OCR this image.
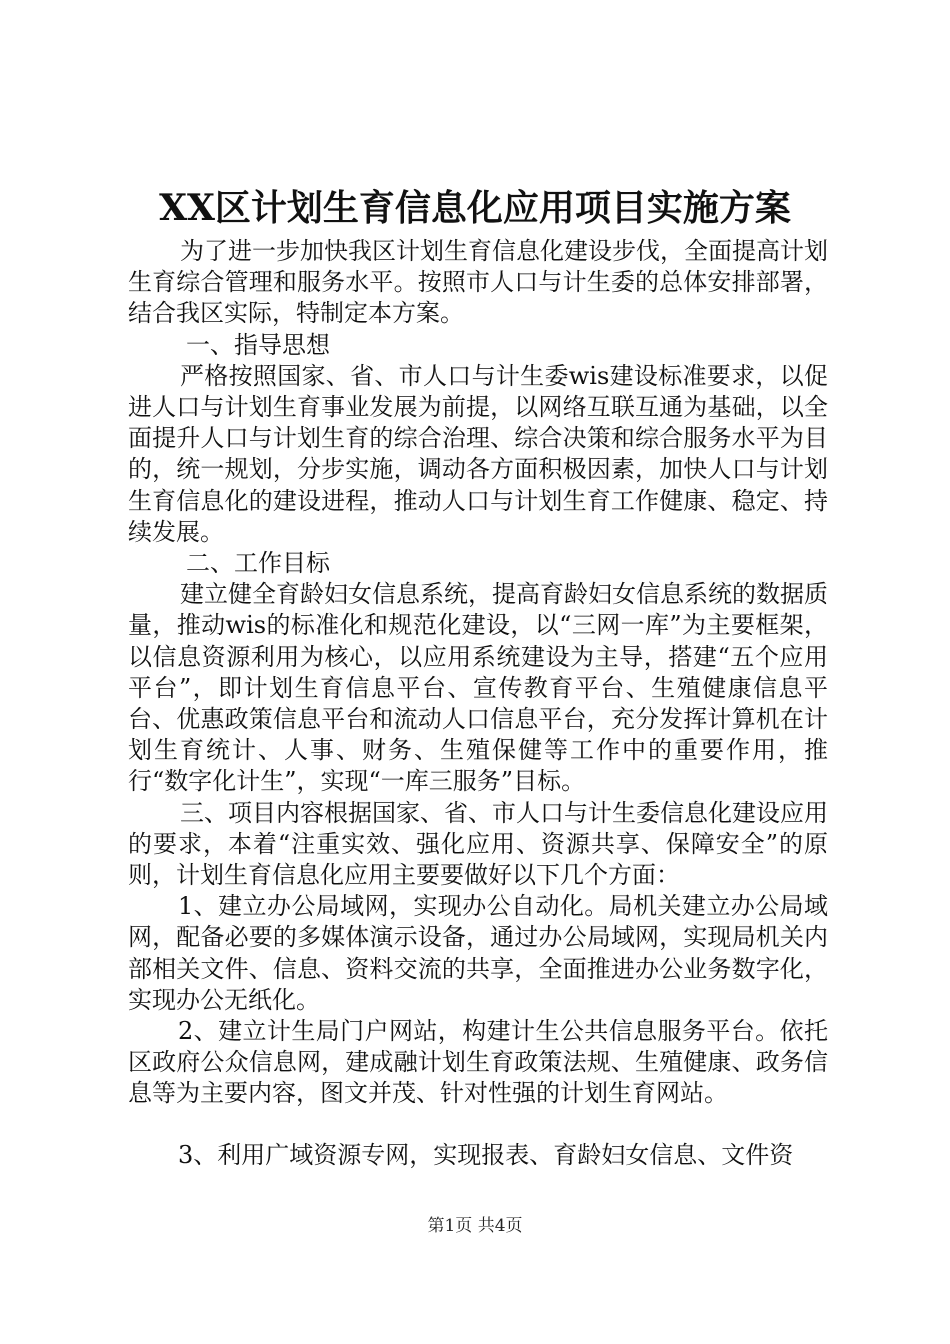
XX区计划生育信息化应用项目实施方案

为了进一步加快我区计划生育信息化建设步伐，全面提高计划生育综合管理和服务水平。按照市人口与计生委的总体安排部署，结合我区实际，特制定本方案。

一、指导思想

严格按照国家、省、市人口与计生委wis建设标准要求，以促进人口与计划生育事业发展为前提，以网络互联互通为基础，以全面提升人口与计划生育的综合治理、综合决策和综合服务水平为目的，统一规划，分步实施，调动各方面积极因素，加快人口与计划生育信息化的建设进程，推动人口与计划生育工作健康、稳定、持续发展。

二、工作目标

建立健全育龄妇女信息系统，提高育龄妇女信息系统的数据质量，推动wis的标准化和规范化建设，以“三网一库”为主要框架，以信息资源利用为核心，以应用系统建设为主导，搭建“五个应用平台”，即计划生育信息平台、宣传教育平台、生殖健康信息平台、优惠政策信息平台和流动人口信息平台，充分发挥计算机在计划生育统计、人事、财务、生殖保健等工作中的重要作用，推行“数字化计生”，实现“一库三服务”目标。

三、项目内容根据国家、省、市人口与计生委信息化建设应用的要求，本着“注重实效、强化应用、资源共享、保障安全”的原则，计划生育信息化应用主要要做好以下几个方面：

1、建立办公局域网，实现办公自动化。局机关建立办公局域网，配备必要的多媒体演示设备，通过办公局域网，实现局机关内部相关文件、信息、资料交流的共享，全面推进办公业务数字化，实现办公无纸化。

2、建立计生局门户网站，构建计生公共信息服务平台。依托区政府公众信息网，建成融计划生育政策法规、生殖健康、政务信息等为主要内容，图文并茂、针对性强的计划生育网站。

3、利用广域资源专网，实现报表、育龄妇女信息、文件资

第1页 共4页
